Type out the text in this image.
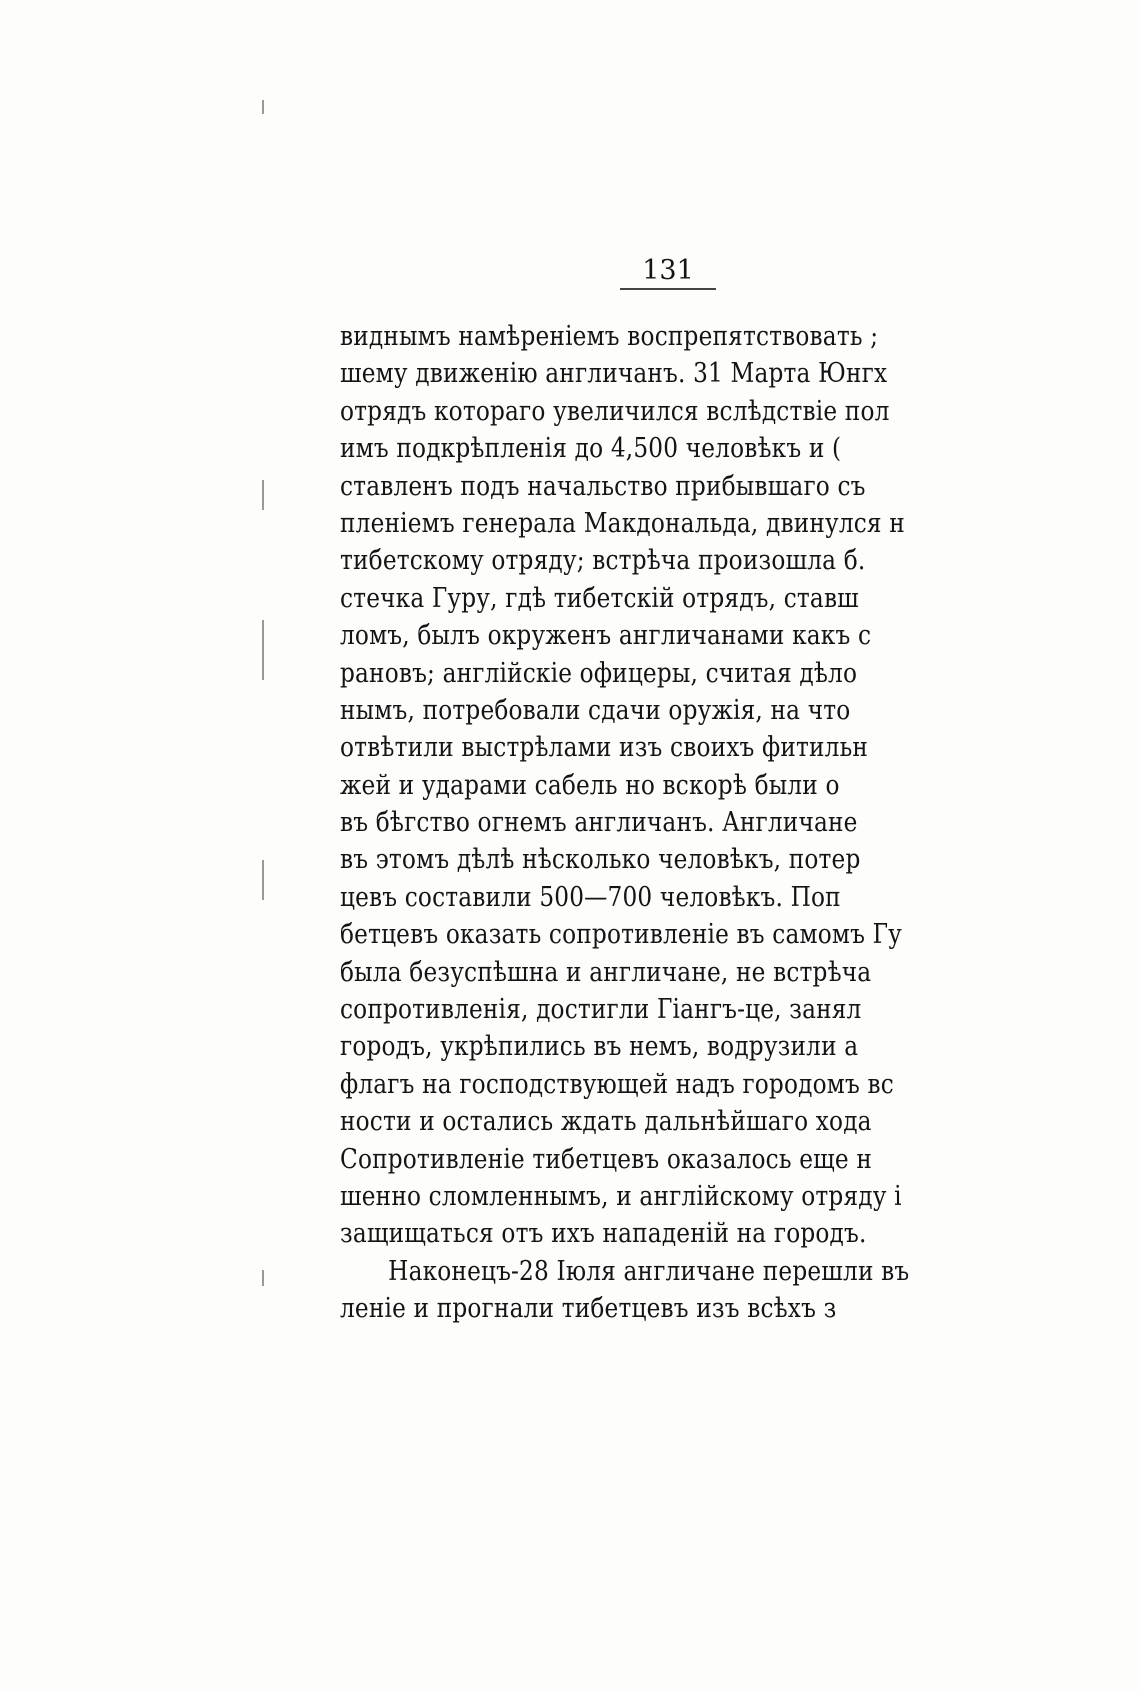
131
виднымъ намѣреніемъ воспрепятствовать ;
шему движенію англичанъ. 31 Марта Юнгх
отрядъ котораго увеличился вслѣдствіе пол
имъ подкрѣпленія до 4,500 человѣкъ и (
ставленъ подъ начальство прибывшаго съ
пленіемъ генерала Макдональда, двинулся н
тибетскому отряду; встрѣча произошла б.
стечка Гуру, гдѣ тибетскій отрядъ, ставш
ломъ, былъ окруженъ англичанами какъ с
рановъ; англійскіе офицеры, считая дѣло
нымъ, потребовали сдачи оружія, на что
отвѣтили выстрѣлами изъ своихъ фитильн
жей и ударами сабель но вскорѣ были о
въ бѣгство огнемъ англичанъ. Англичане
въ этомъ дѣлѣ нѣсколько человѣкъ, потер
цевъ составили 500—700 человѣкъ. Поп
бетцевъ оказать сопротивленіе въ самомъ Гу
была безуспѣшна и англичане, не встрѣча
сопротивленія, достигли Гіангъ-це, занял
городъ, укрѣпились въ немъ, водрузили а
флагъ на господствующей надъ городомъ вс
ности и остались ждать дальнѣйшаго хода
Сопротивленіе тибетцевъ оказалось еще н
шенно сломленнымъ, и англійскому отряду і
защищаться отъ ихъ нападеній на городъ.
Наконецъ-28 Іюля англичане перешли въ
леніе и прогнали тибетцевъ изъ всѣхъ з
